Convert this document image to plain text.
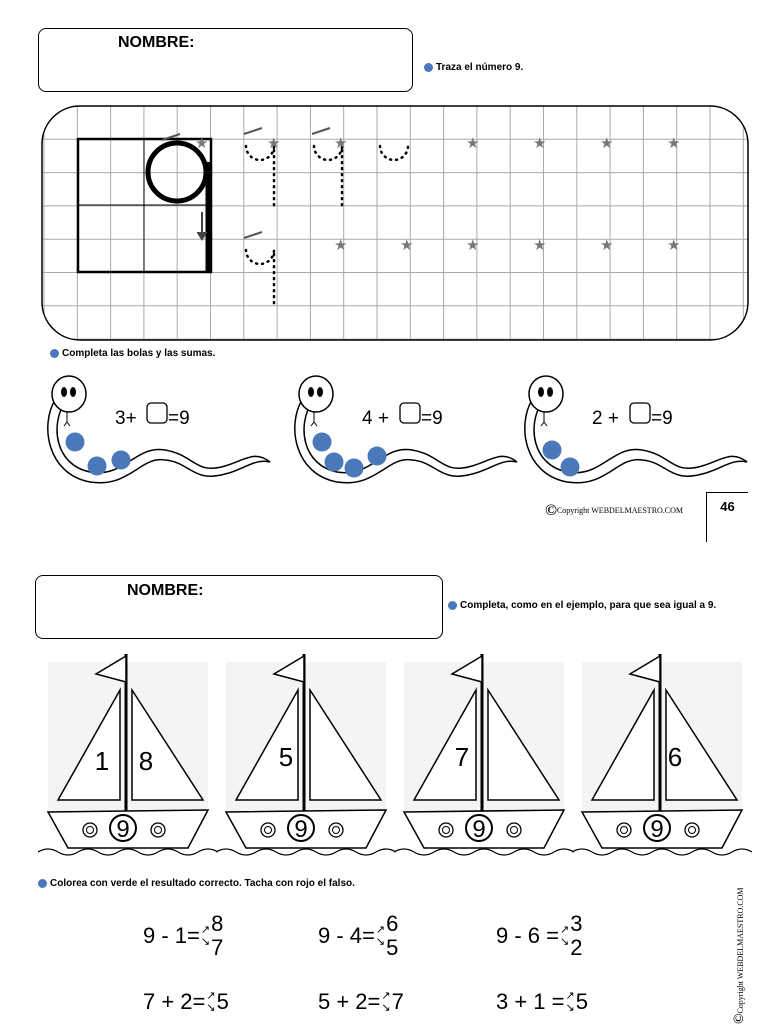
NOMBRE:
Traza el número 9.
★	★	★	★	★	★	★
★	★	★	★	★	★
Completa las bolas y las sumas.
3+ =9	4 + =9	2 + =9
©Copyright WEBDELMAESTRO.COM	46
NOMBRE:
Completa, como en el ejemplo, para que sea igual a 9.
9
1 8
9
5
9
7
9
6
Colorea con verde el resultado correcto. Tacha con rojo el falso.
9 - 1=↗
↘8
7	9 - 4=↗
↘6
5	9 - 6 =↗
↘3
2
7 + 2=↗
↘5	5 + 2=↗
↘7	3 + 1 =↗
↘5

©Copyright WEBDELMAESTRO.COM
